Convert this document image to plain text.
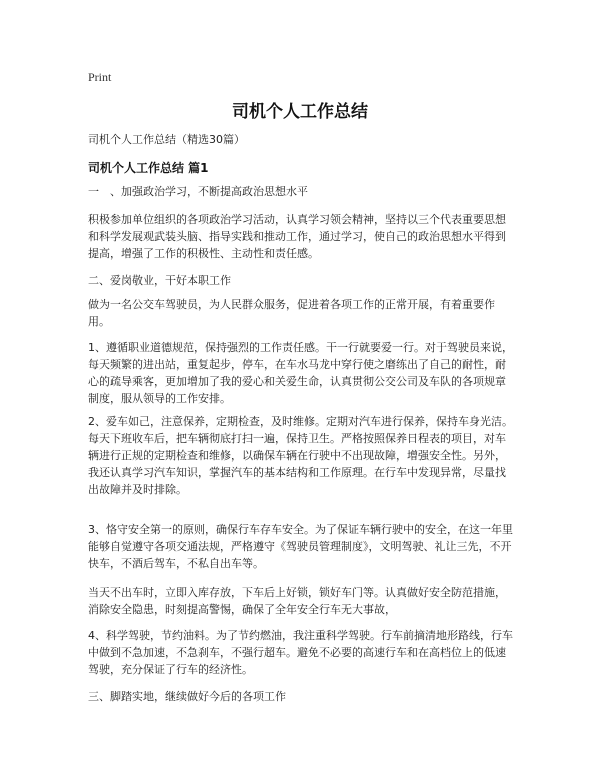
Print
司机个人工作总结

司机个人工作总结（精选30篇）

司机个人工作总结 篇1

一　、加强政治学习，不断提高政治思想水平

积极参加单位组织的各项政治学习活动，认真学习领会精神，坚持以三个代表重要思想和科学发展观武装头脑、指导实践和推动工作，通过学习，使自己的政治思想水平得到提高，增强了工作的积极性、主动性和责任感。

二、爱岗敬业，干好本职工作

做为一名公交车驾驶员，为人民群众服务，促进着各项工作的正常开展，有着重要作用。

1、遵循职业道德规范，保持强烈的工作责任感。干一行就要爱一行。对于驾驶员来说，每天频繁的进出站，重复起步，停车，在车水马龙中穿行使之磨练出了自己的耐性，耐心的疏导乘客，更加增加了我的爱心和关爱生命，认真贯彻公交公司及车队的各项规章制度，服从领导的工作安排。

2、爱车如己，注意保养，定期检查，及时维修。定期对汽车进行保养，保持车身光洁。每天下班收车后，把车辆彻底打扫一遍，保持卫生。严格按照保养日程表的项目，对车辆进行正规的定期检查和维修，以确保车辆在行驶中不出现故障，增强安全性。另外，我还认真学习汽车知识，掌握汽车的基本结构和工作原理。在行车中发现异常，尽量找出故障并及时排除。

3、恪守安全第一的原则，确保行车存车安全。为了保证车辆行驶中的安全，在这一年里能够自觉遵守各项交通法规，严格遵守《驾驶员管理制度》，文明驾驶、礼让三先，不开快车，不酒后驾车，不私自出车等。

当天不出车时，立即入库存放，下车后上好锁，锁好车门等。认真做好安全防范措施，消除安全隐患，时刻提高警惕，确保了全年安全行车无大事故，

4、科学驾驶，节约油料。为了节约燃油，我注重科学驾驶。行车前摘清地形路线，行车中做到不急加速，不急刹车，不强行超车。避免不必要的高速行车和在高档位上的低速驾驶，充分保证了行车的经济性。

三、脚踏实地，继续做好今后的各项工作
